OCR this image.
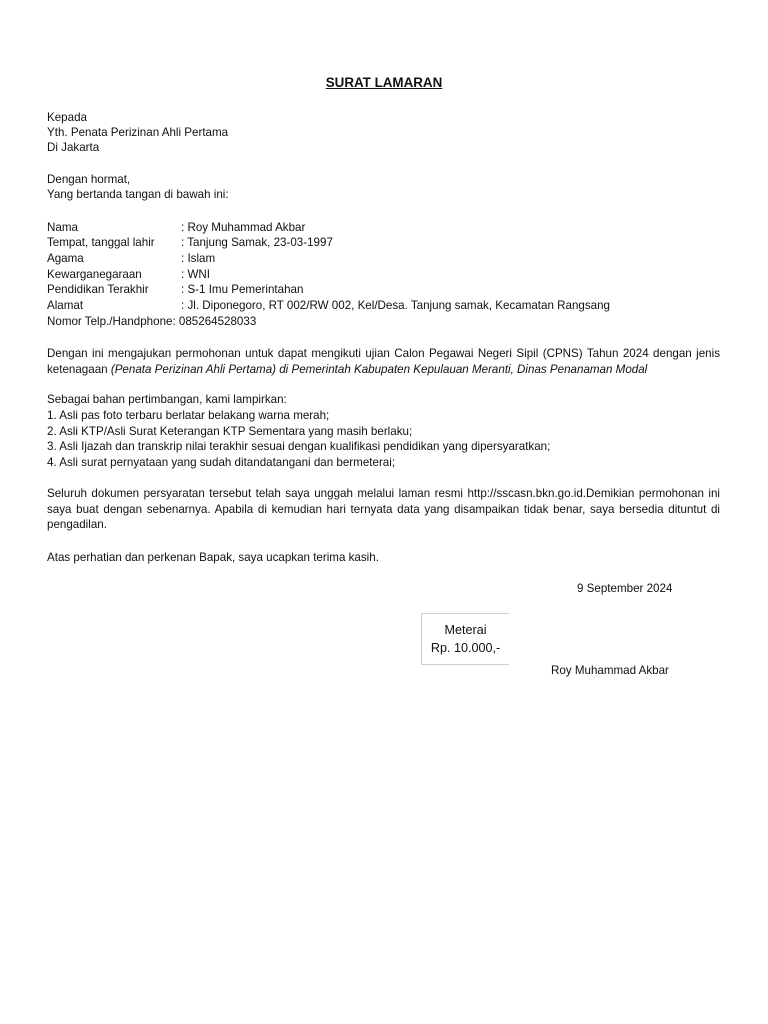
SURAT LAMARAN
Kepada
Yth. Penata Perizinan Ahli Pertama
Di Jakarta
Dengan hormat,
Yang bertanda tangan di bawah ini:
Nama	: Roy Muhammad Akbar
Tempat, tanggal lahir : Tanjung Samak, 23-03-1997
Agama	: Islam
Kewarganegaraan	: WNI
Pendidikan Terakhir	: S-1 Imu Pemerintahan
Alamat	: Jl. Diponegoro, RT 002/RW 002, Kel/Desa. Tanjung samak, Kecamatan Rangsang
Nomor Telp./Handphone: 085264528033
Dengan ini mengajukan permohonan untuk dapat mengikuti ujian Calon Pegawai Negeri Sipil (CPNS) Tahun 2024 dengan jenis ketenagaan (Penata Perizinan Ahli Pertama) di Pemerintah Kabupaten Kepulauan Meranti, Dinas Penanaman Modal
Sebagai bahan pertimbangan, kami lampirkan:
1. Asli pas foto terbaru berlatar belakang warna merah;
2. Asli KTP/Asli Surat Keterangan KTP Sementara yang masih berlaku;
3. Asli Ijazah dan transkrip nilai terakhir sesuai dengan kualifikasi pendidikan yang dipersyaratkan;
4. Asli surat pernyataan yang sudah ditandatangani dan bermeterai;
Seluruh dokumen persyaratan tersebut telah saya unggah melalui laman resmi http://sscasn.bkn.go.id.Demikian permohonan ini saya buat dengan sebenarnya. Apabila di kemudian hari ternyata data yang disampaikan tidak benar, saya bersedia dituntut di pengadilan.
Atas perhatian dan perkenan Bapak, saya ucapkan terima kasih.
9 September 2024
Meterai
Rp. 10.000,-
Roy Muhammad Akbar
